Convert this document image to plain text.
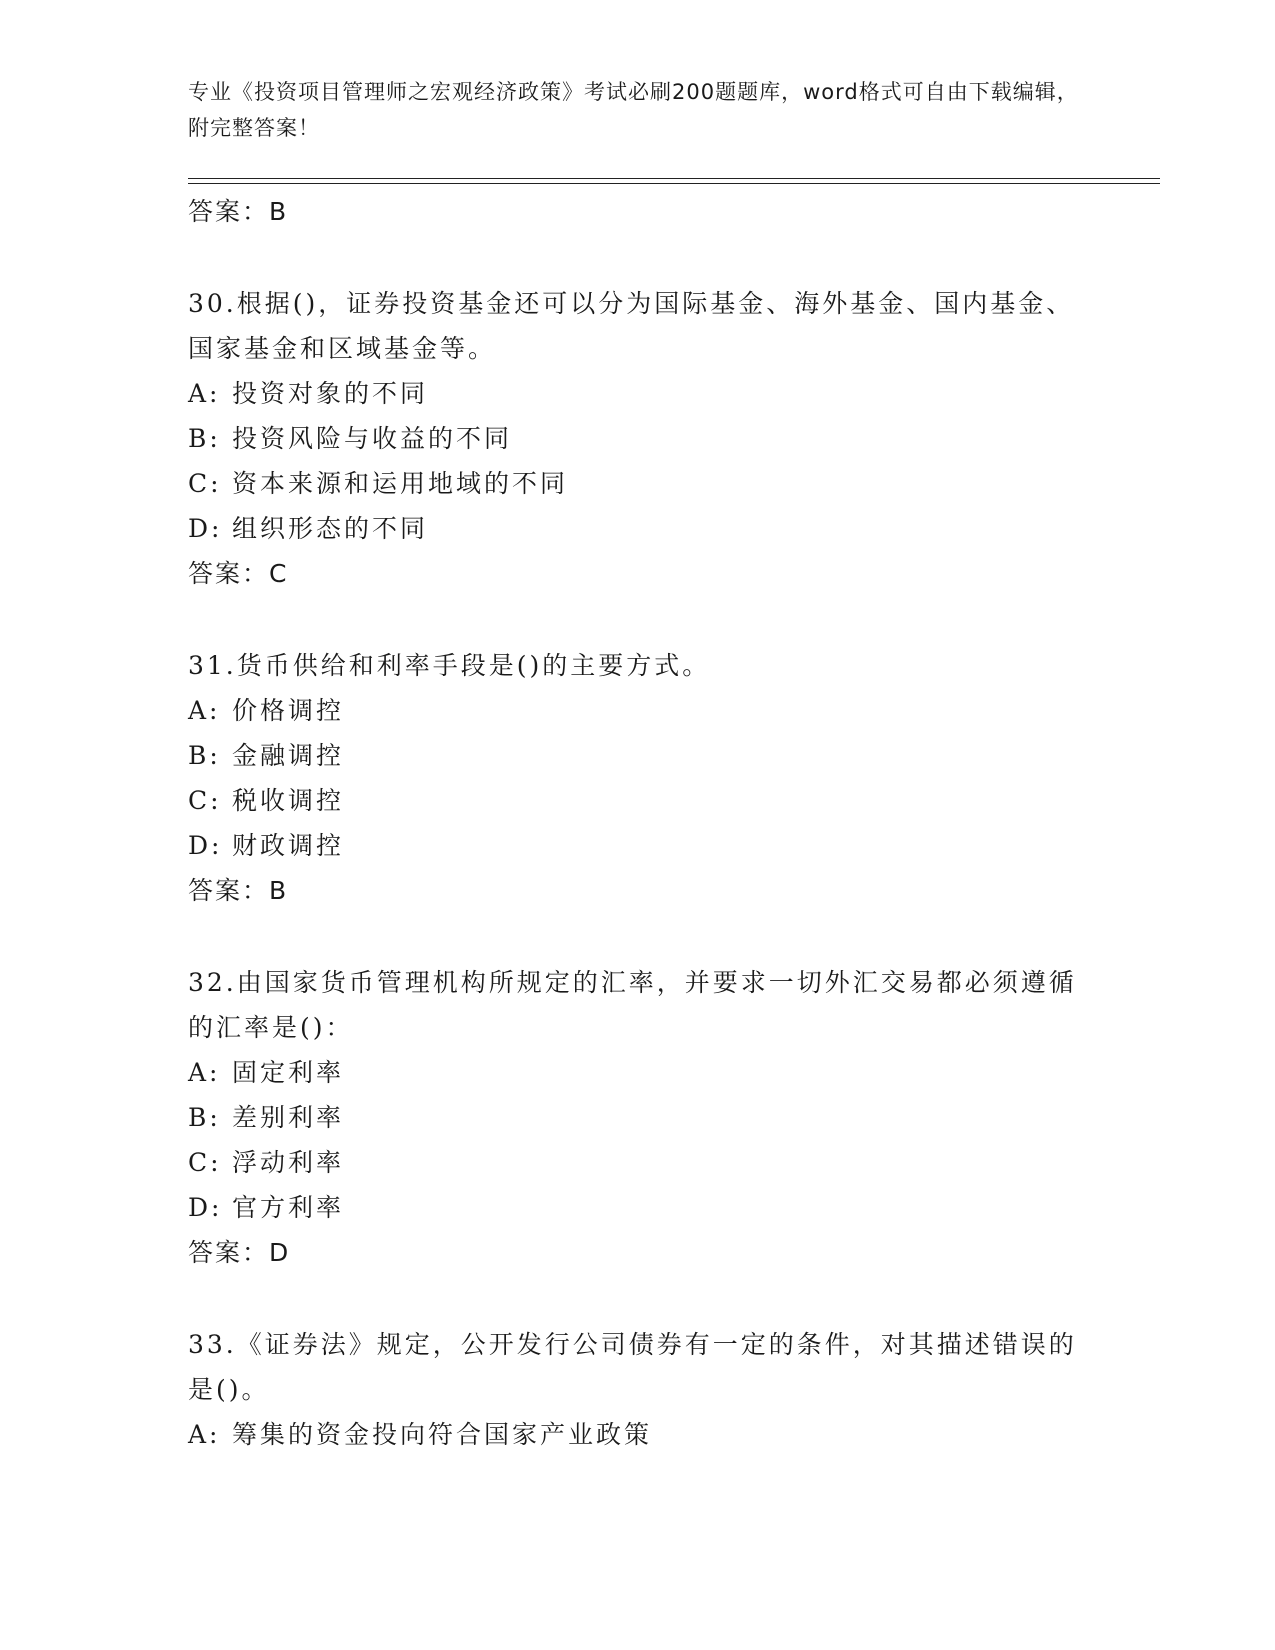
专业《投资项目管理师之宏观经济政策》考试必刷200题题库，word格式可自由下载编辑，附完整答案！
答案：B
30.根据()，证券投资基金还可以分为国际基金、海外基金、国内基金、国家基金和区域基金等。
A: 投资对象的不同
B: 投资风险与收益的不同
C: 资本来源和运用地域的不同
D: 组织形态的不同
答案：C
31.货币供给和利率手段是()的主要方式。
A: 价格调控
B: 金融调控
C: 税收调控
D: 财政调控
答案：B
32.由国家货币管理机构所规定的汇率，并要求一切外汇交易都必须遵循的汇率是()：
A: 固定利率
B: 差别利率
C: 浮动利率
D: 官方利率
答案：D
33.《证券法》规定，公开发行公司债券有一定的条件，对其描述错误的是()。
A: 筹集的资金投向符合国家产业政策
